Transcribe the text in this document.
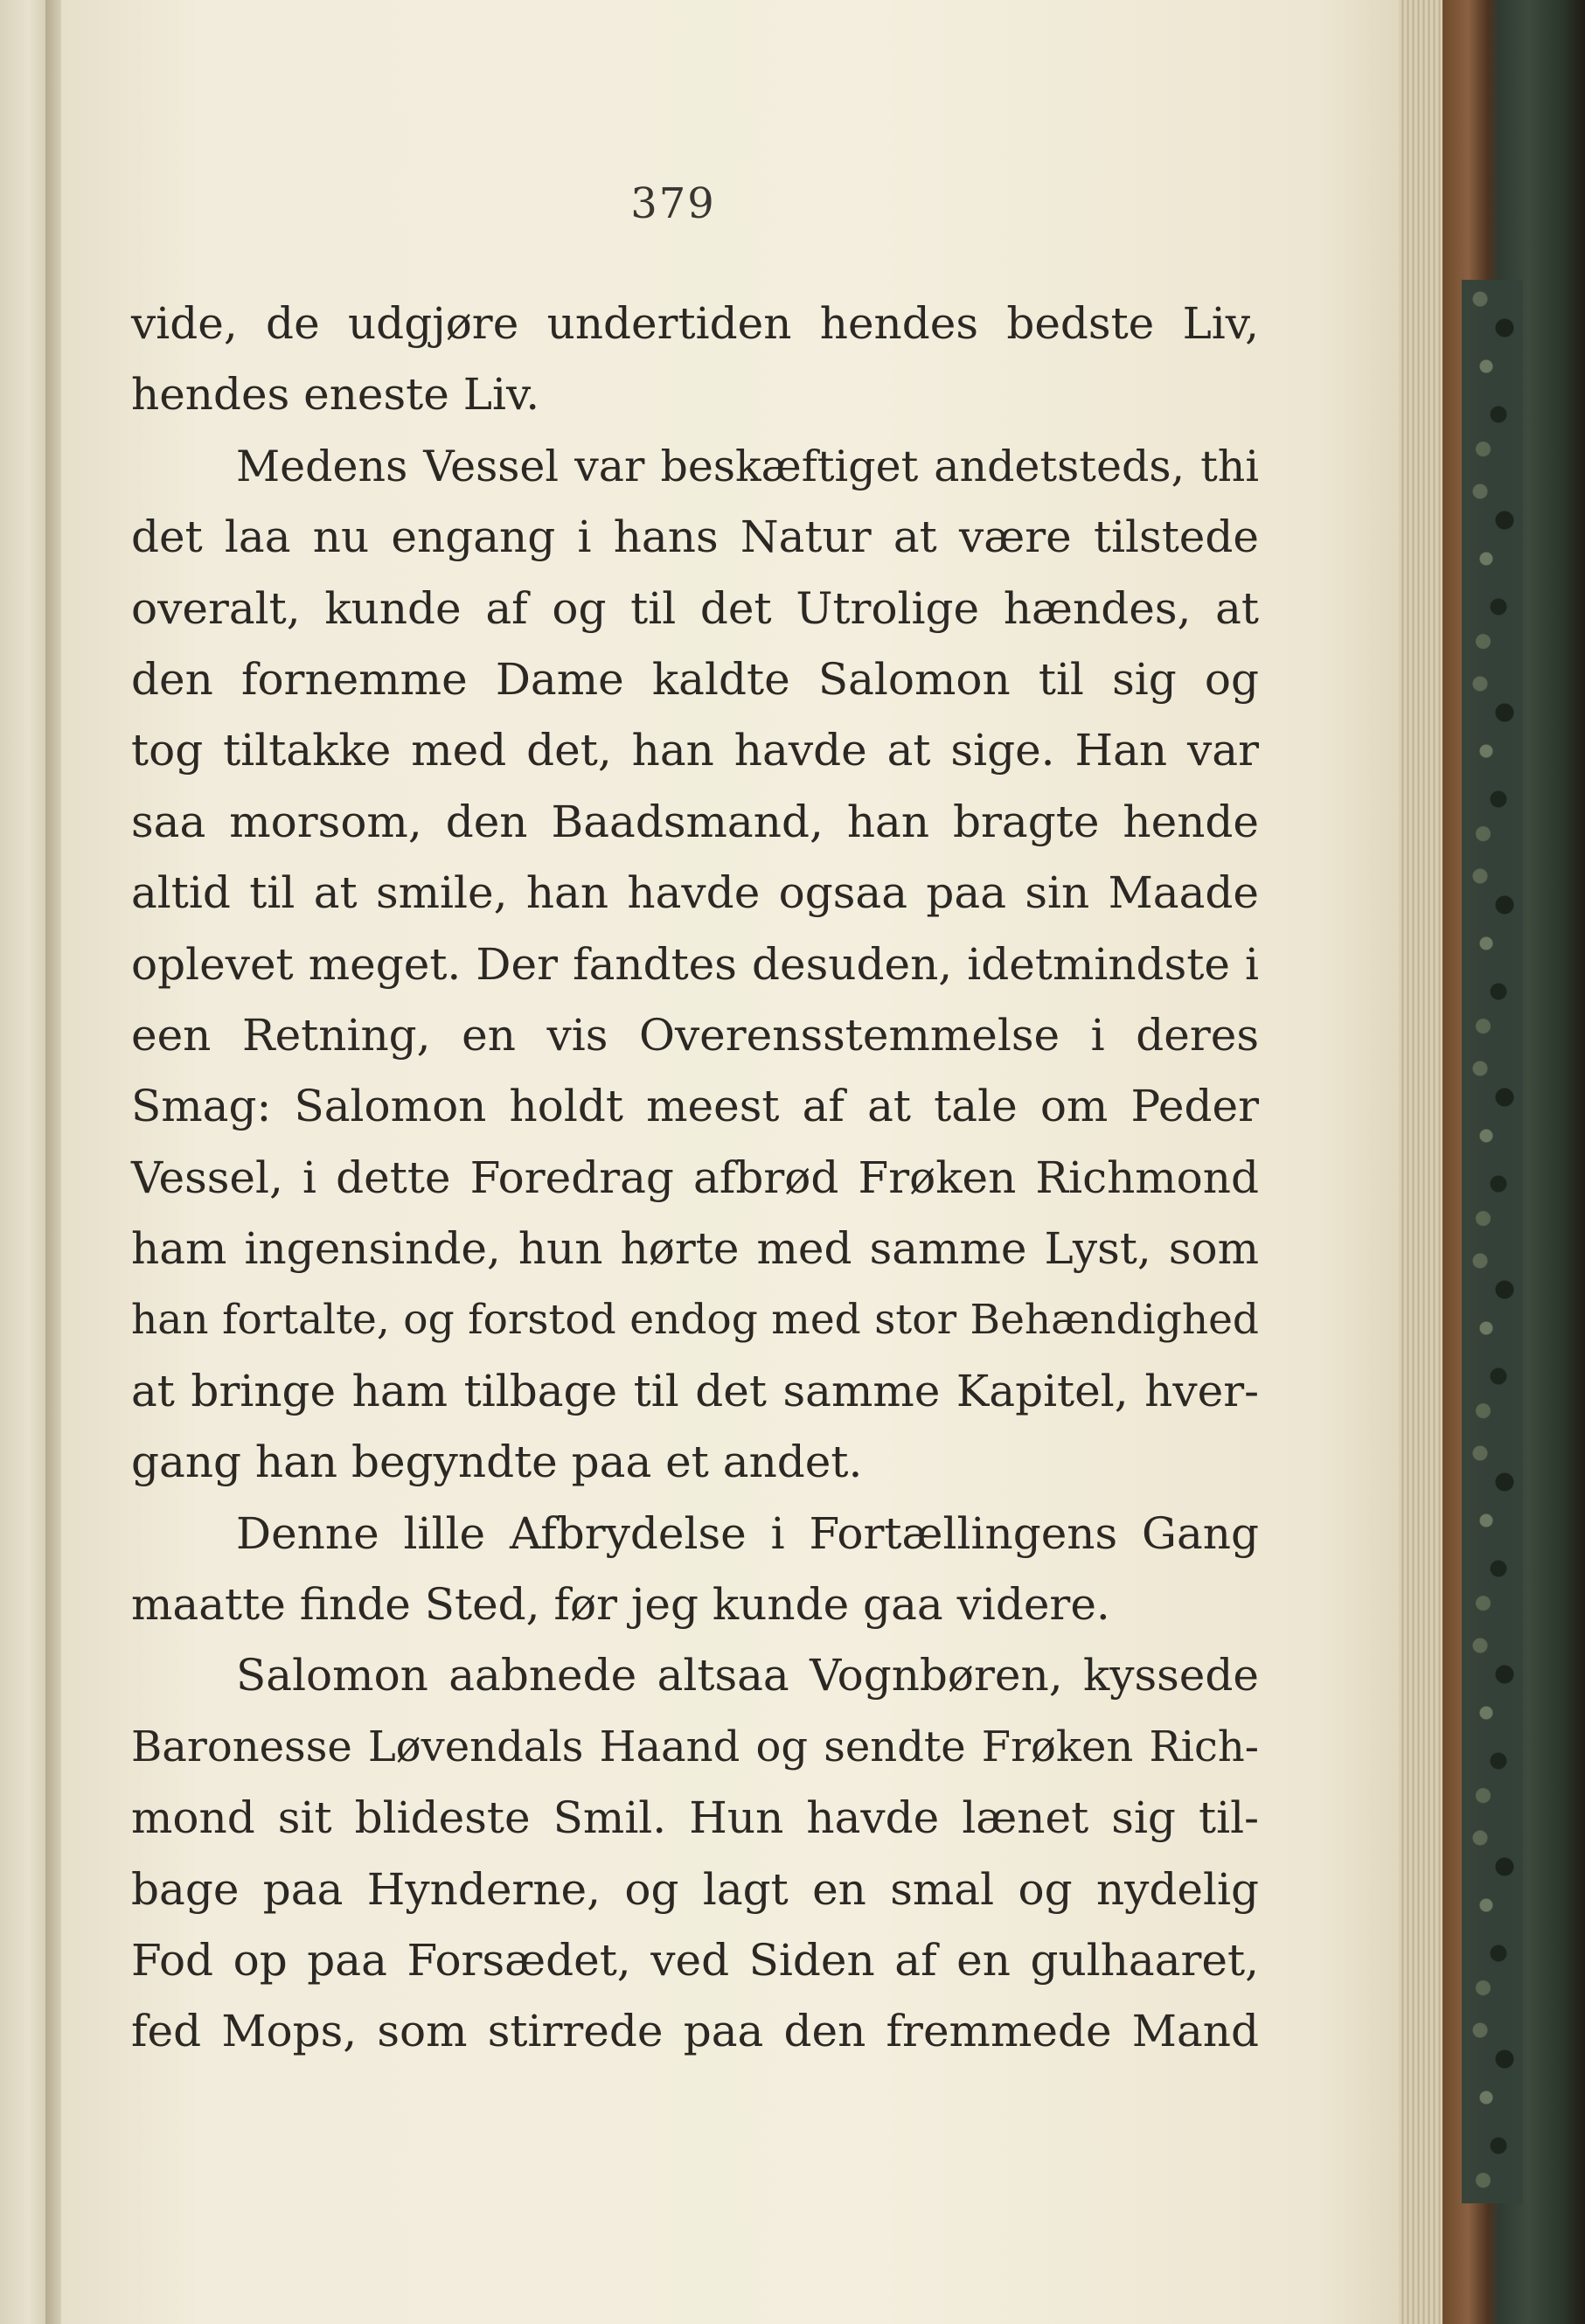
379
vide, de udgjøre undertiden hendes bedste Liv,
hendes eneste Liv.
Medens Vessel var beskæftiget andetsteds, thi
det laa nu engang i hans Natur at være tilstede
overalt, kunde af og til det Utrolige hændes, at
den fornemme Dame kaldte Salomon til sig og
tog tiltakke med det, han havde at sige. Han var
saa morsom, den Baadsmand, han bragte hende
altid til at smile, han havde ogsaa paa sin Maade
oplevet meget. Der fandtes desuden, idetmindste i
een Retning, en vis Overensstemmelse i deres
Smag: Salomon holdt meest af at tale om Peder
Vessel, i dette Foredrag afbrød Frøken Richmond
ham ingensinde, hun hørte med samme Lyst, som
han fortalte, og forstod endog med stor Behændighed
at bringe ham tilbage til det samme Kapitel, hver-
gang han begyndte paa et andet.
Denne lille Afbrydelse i Fortællingens Gang
maatte finde Sted, før jeg kunde gaa videre.
Salomon aabnede altsaa Vognbøren, kyssede
Baronesse Løvendals Haand og sendte Frøken Rich-
mond sit blideste Smil. Hun havde lænet sig til-
bage paa Hynderne, og lagt en smal og nydelig
Fod op paa Forsædet, ved Siden af en gulhaaret,
fed Mops, som stirrede paa den fremmede Mand
